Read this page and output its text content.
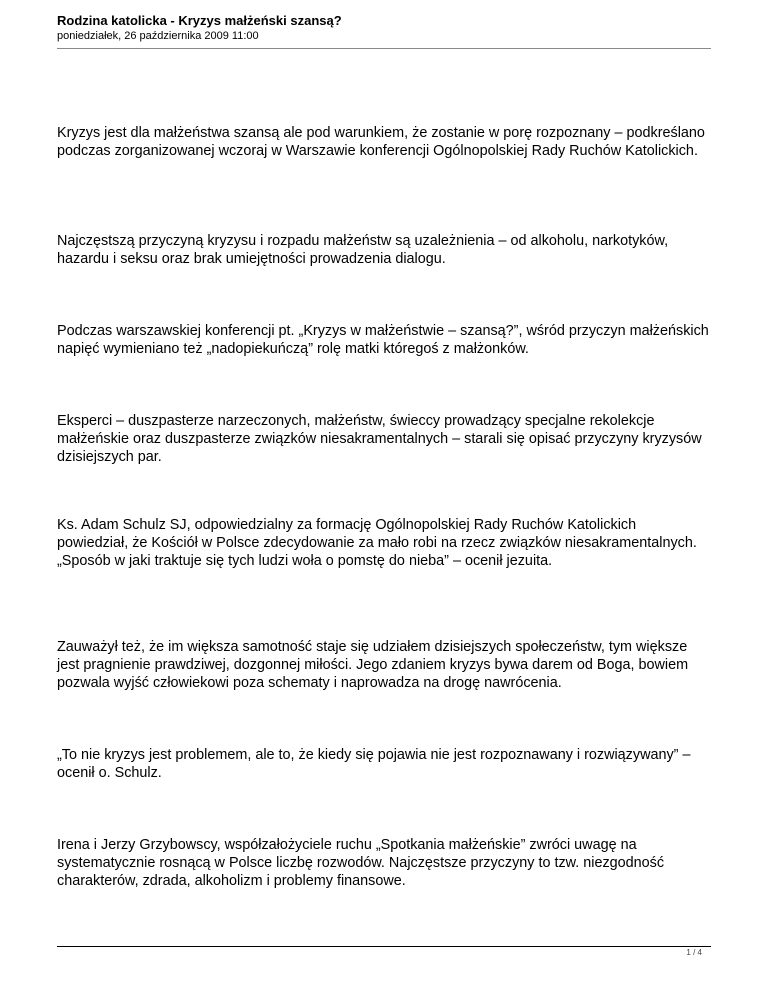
Rodzina katolicka - Kryzys małżeński szansą?
poniedziałek, 26 października 2009 11:00

Kryzys jest dla małżeństwa szansą ale pod warunkiem, że zostanie w porę rozpoznany – podkreślano podczas zorganizowanej wczoraj w Warszawie konferencji Ogólnopolskiej Rady Ruchów Katolickich.

Najczęstszą przyczyną kryzysu i rozpadu małżeństw są uzależnienia – od alkoholu, narkotyków, hazardu i seksu oraz brak umiejętności prowadzenia dialogu.

Podczas warszawskiej konferencji pt. „Kryzys w małżeństwie – szansą?”, wśród przyczyn małżeńskich napięć wymieniano też „nadopiekuńczą” rolę matki któregoś z małżonków.

Eksperci – duszpasterze narzeczonych, małżeństw, świeccy prowadzący specjalne rekolekcje małżeńskie oraz duszpasterze związków niesakramentalnych – starali się opisać przyczyny kryzysów dzisiejszych par.

Ks. Adam Schulz SJ, odpowiedzialny za formację Ogólnopolskiej Rady Ruchów Katolickich powiedział, że Kościół w Polsce zdecydowanie za mało robi na rzecz związków niesakramentalnych. „Sposób w jaki traktuje się tych ludzi woła o pomstę do nieba” – ocenił jezuita.

Zauważył też, że im większa samotność staje się udziałem dzisiejszych społeczeństw, tym większe jest pragnienie prawdziwej, dozgonnej miłości. Jego zdaniem kryzys bywa darem od Boga, bowiem pozwala wyjść człowiekowi poza schematy i naprowadza na drogę nawrócenia.

„To nie kryzys jest problemem, ale to, że kiedy się pojawia nie jest rozpoznawany i rozwiązywany” – ocenił o. Schulz.

Irena i Jerzy Grzybowscy, współzałożyciele ruchu „Spotkania małżeńskie” zwróci uwagę na systematycznie rosnącą w Polsce liczbę rozwodów. Najczęstsze przyczyny to tzw. niezgodność charakterów, zdrada, alkoholizm i problemy finansowe.

1 / 4
